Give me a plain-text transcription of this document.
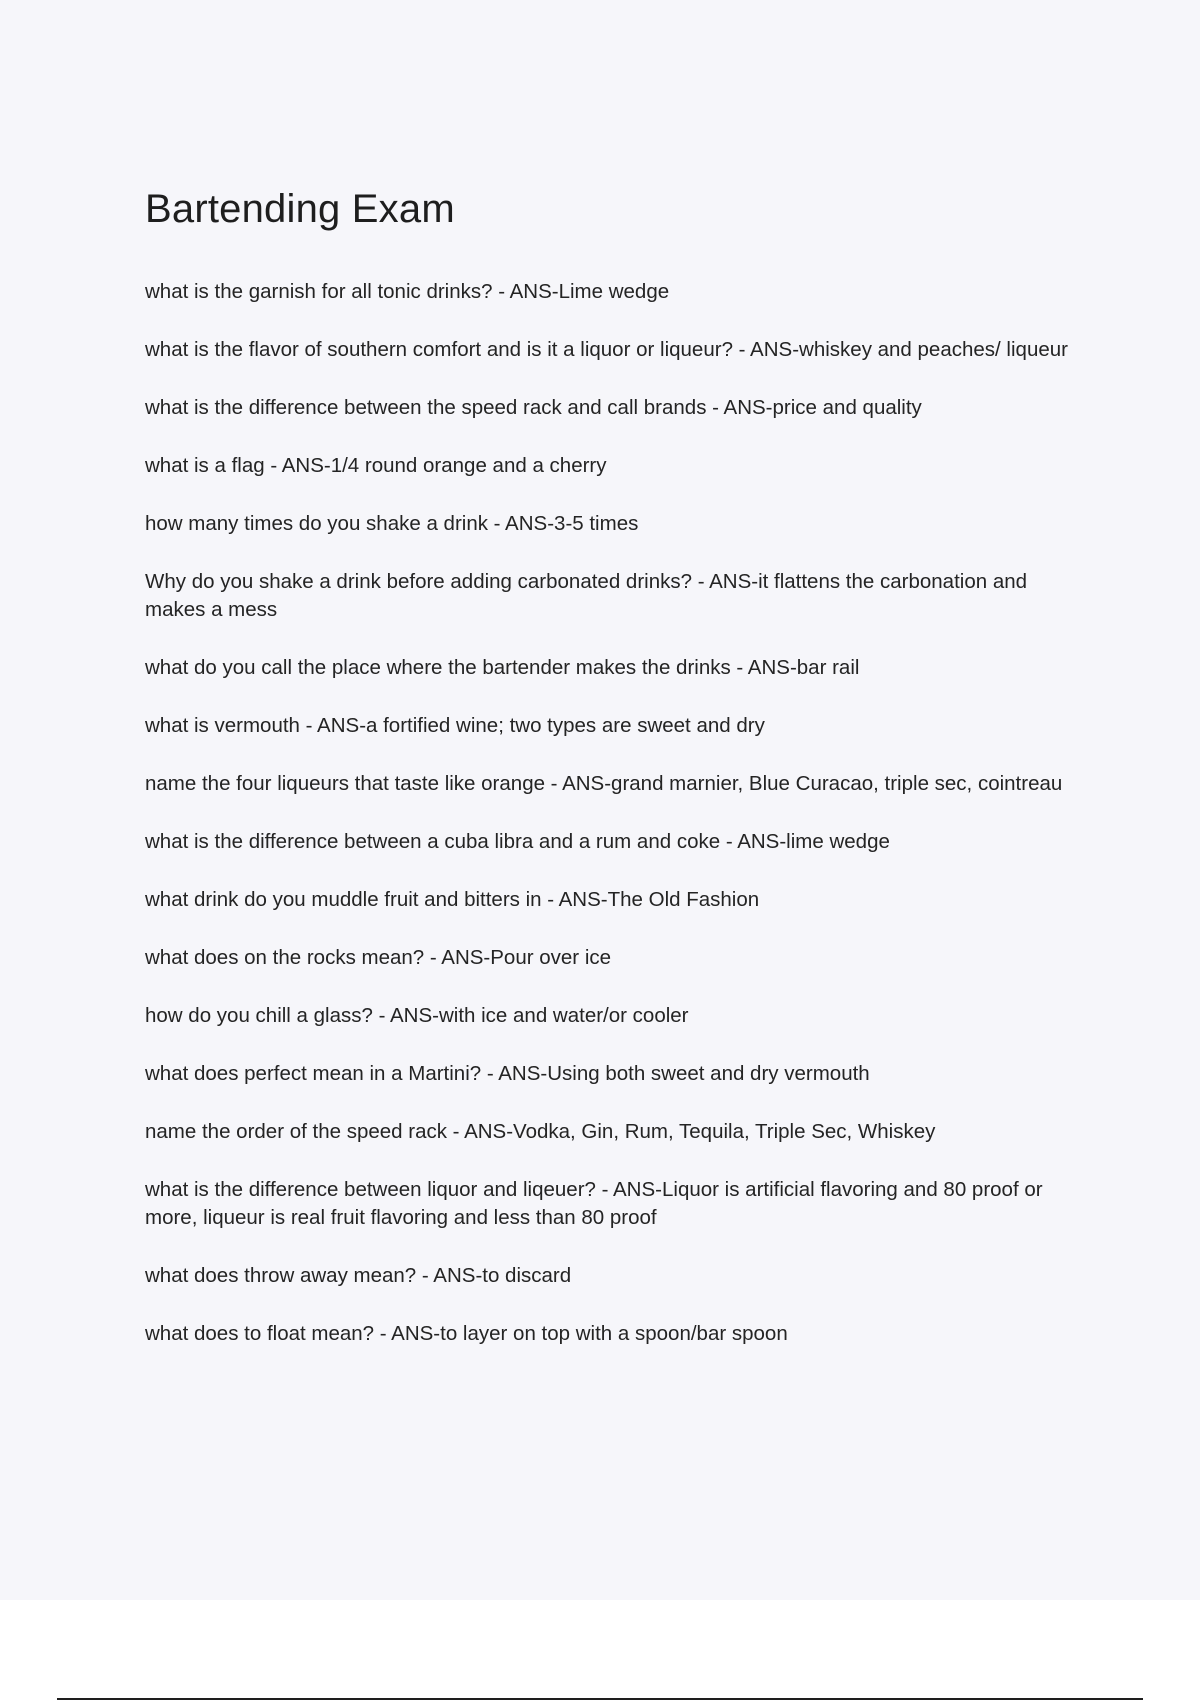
Bartending Exam
what is the garnish for all tonic drinks? - ANS-Lime wedge
what is the flavor of southern comfort and is it a liquor or liqueur? - ANS-whiskey and peaches/ liqueur
what is the difference between the speed rack and call brands - ANS-price and quality
what is a flag - ANS-1/4 round orange and a cherry
how many times do you shake a drink - ANS-3-5 times
Why do you shake a drink before adding carbonated drinks? - ANS-it flattens the carbonation and makes a mess
what do you call the place where the bartender makes the drinks - ANS-bar rail
what is vermouth - ANS-a fortified wine; two types are sweet and dry
name the four liqueurs that taste like orange - ANS-grand marnier, Blue Curacao, triple sec, cointreau
what is the difference between a cuba libra and a rum and coke - ANS-lime wedge
what drink do you muddle fruit and bitters in - ANS-The Old Fashion
what does on the rocks mean? - ANS-Pour over ice
how do you chill a glass? - ANS-with ice and water/or cooler
what does perfect mean in a Martini? - ANS-Using both sweet and dry vermouth
name the order of the speed rack - ANS-Vodka, Gin, Rum, Tequila, Triple Sec, Whiskey
what is the difference between liquor and liqeuer? - ANS-Liquor is artificial flavoring and 80 proof or more, liqueur is real fruit flavoring and less than 80 proof
what does throw away mean? - ANS-to discard
what does to float mean? - ANS-to layer on top with a spoon/bar spoon
